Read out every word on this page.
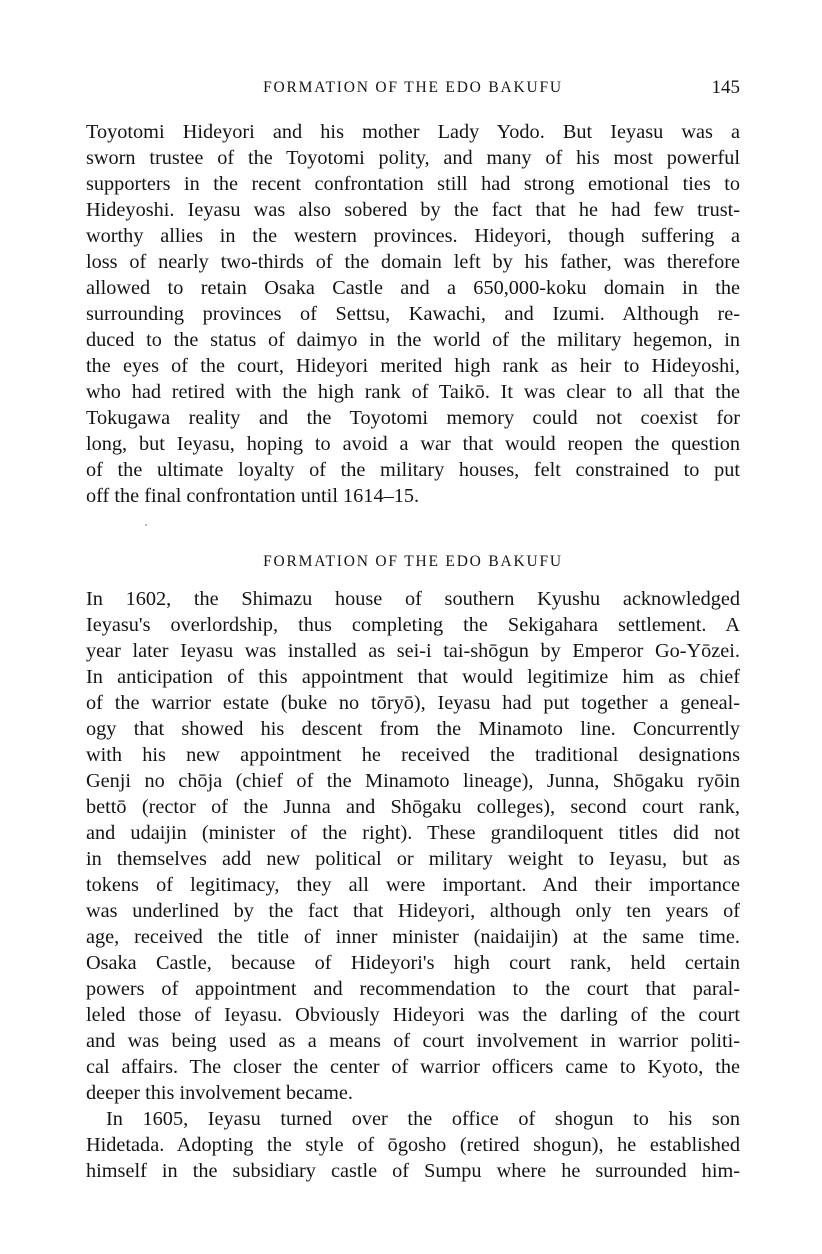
FORMATION OF THE EDO BAKUFU	145
Toyotomi Hideyori and his mother Lady Yodo. But Ieyasu was a
sworn trustee of the Toyotomi polity, and many of his most powerful
supporters in the recent confrontation still had strong emotional ties to
Hideyoshi. Ieyasu was also sobered by the fact that he had few trust-
worthy allies in the western provinces. Hideyori, though suffering a
loss of nearly two-thirds of the domain left by his father, was therefore
allowed to retain Osaka Castle and a 650,000-koku domain in the
surrounding provinces of Settsu, Kawachi, and Izumi. Although re-
duced to the status of daimyo in the world of the military hegemon, in
the eyes of the court, Hideyori merited high rank as heir to Hideyoshi,
who had retired with the high rank of Taikō. It was clear to all that the
Tokugawa reality and the Toyotomi memory could not coexist for
long, but Ieyasu, hoping to avoid a war that would reopen the question
of the ultimate loyalty of the military houses, felt constrained to put
off the final confrontation until 1614–15.
FORMATION OF THE EDO BAKUFU
In 1602, the Shimazu house of southern Kyushu acknowledged
Ieyasu's overlordship, thus completing the Sekigahara settlement. A
year later Ieyasu was installed as sei-i tai-shōgun by Emperor Go-Yōzei.
In anticipation of this appointment that would legitimize him as chief
of the warrior estate (buke no tōryō), Ieyasu had put together a geneal-
ogy that showed his descent from the Minamoto line. Concurrently
with his new appointment he received the traditional designations
Genji no chōja (chief of the Minamoto lineage), Junna, Shōgaku ryōin
bettō (rector of the Junna and Shōgaku colleges), second court rank,
and udaijin (minister of the right). These grandiloquent titles did not
in themselves add new political or military weight to Ieyasu, but as
tokens of legitimacy, they all were important. And their importance
was underlined by the fact that Hideyori, although only ten years of
age, received the title of inner minister (naidaijin) at the same time.
Osaka Castle, because of Hideyori's high court rank, held certain
powers of appointment and recommendation to the court that paral-
leled those of Ieyasu. Obviously Hideyori was the darling of the court
and was being used as a means of court involvement in warrior politi-
cal affairs. The closer the center of warrior officers came to Kyoto, the
deeper this involvement became.
In 1605, Ieyasu turned over the office of shogun to his son
Hidetada. Adopting the style of ōgosho (retired shogun), he established
himself in the subsidiary castle of Sumpu where he surrounded him-
